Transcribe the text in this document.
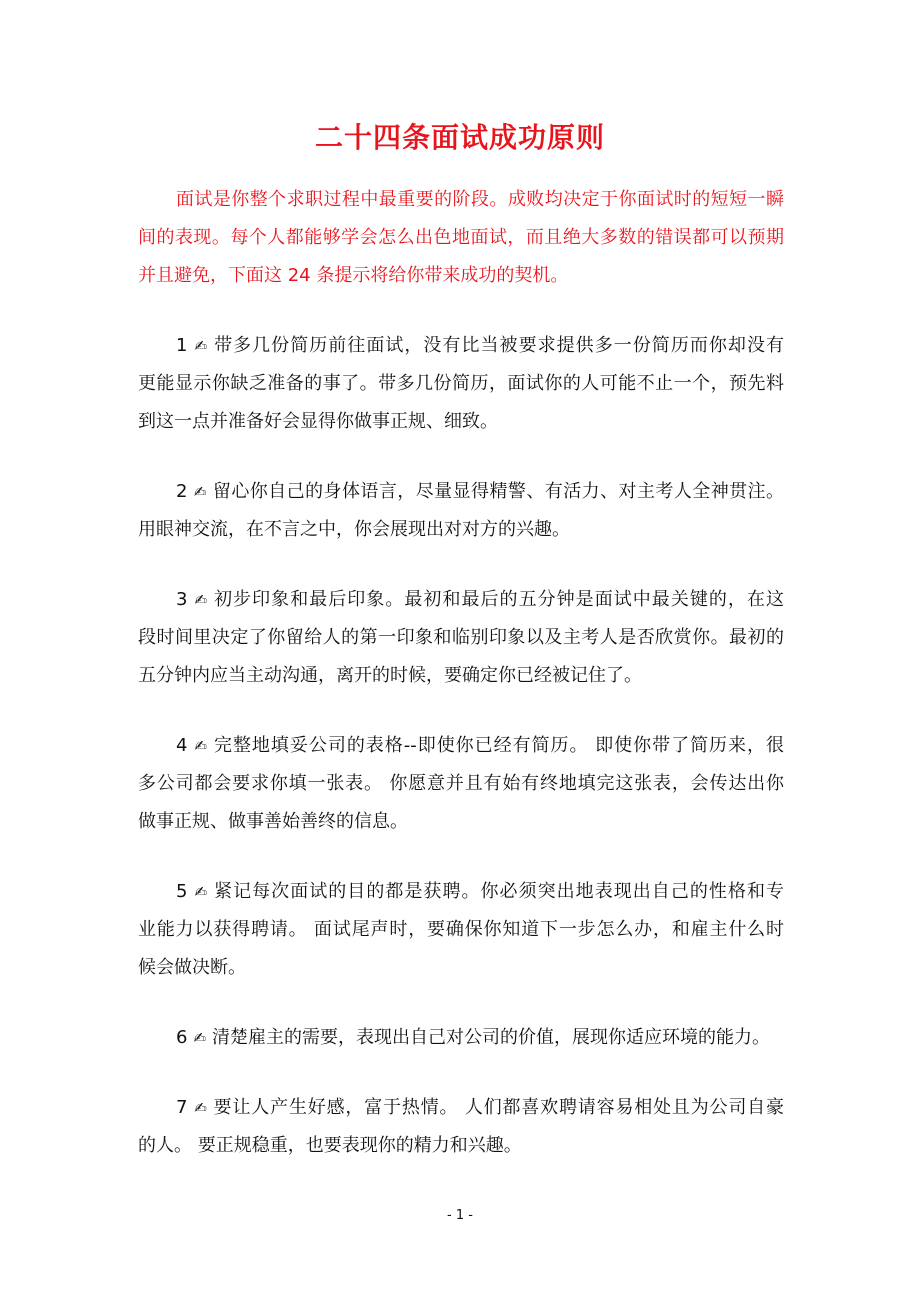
二十四条面试成功原则
面试是你整个求职过程中最重要的阶段。成败均决定于你面试时的短短一瞬
间的表现。每个人都能够学会怎么出色地面试，而且绝大多数的错误都可以预期
并且避免，下面这 24 条提示将给你带来成功的契机。
1 ✍ 带多几份简历前往面试，没有比当被要求提供多一份简历而你却没有
更能显示你缺乏准备的事了。带多几份简历，面试你的人可能不止一个，预先料
到这一点并准备好会显得你做事正规、细致。
2 ✍ 留心你自己的身体语言，尽量显得精警、有活力、对主考人全神贯注。
用眼神交流，在不言之中，你会展现出对对方的兴趣。
3 ✍ 初步印象和最后印象。最初和最后的五分钟是面试中最关键的，在这
段时间里决定了你留给人的第一印象和临别印象以及主考人是否欣赏你。最初的
五分钟内应当主动沟通，离开的时候，要确定你已经被记住了。
4 ✍ 完整地填妥公司的表格--即使你已经有简历。 即使你带了简历来，很
多公司都会要求你填一张表。 你愿意并且有始有终地填完这张表，会传达出你
做事正规、做事善始善终的信息。
5 ✍ 紧记每次面试的目的都是获聘。你必须突出地表现出自己的性格和专
业能力以获得聘请。 面试尾声时，要确保你知道下一步怎么办，和雇主什么时
候会做决断。
6 ✍ 清楚雇主的需要，表现出自己对公司的价值，展现你适应环境的能力。
7 ✍ 要让人产生好感，富于热情。 人们都喜欢聘请容易相处且为公司自豪
的人。 要正规稳重，也要表现你的精力和兴趣。
- 1 -
